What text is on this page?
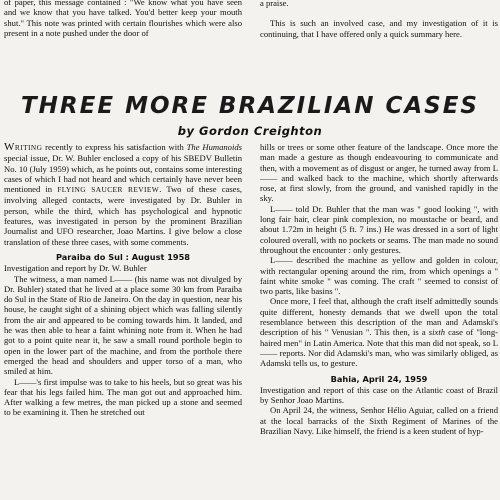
of paper, this message contained : "We know what you have seen and we know that you have talked. You'd better keep your mouth shut." This note was printed with certain flourishes which were also present in a note pushed under the door of

a praise.

This is such an involved case, and my investigation of it is continuing, that I have offered only a quick summary here.

THREE MORE BRAZILIAN CASES
by Gordon Creighton

WRITING recently to express his satisfaction with The Humanoids special issue, Dr. W. Buhler enclosed a copy of his SBEDV Bulletin No. 10 (July 1959) which, as he points out, contains some interesting cases of which I had not heard and which certainly have never been mentioned in FLYING SAUCER REVIEW. Two of these cases, involving alleged contacts, were investigated by Dr. Buhler in person, while the third, which has psychological and hypnotic features, was investigated in person by the prominent Brazilian Journalist and UFO researcher, Joao Martins. I give below a close translation of these three cases, with some comments.

Paraiba do Sul : August 1958

Investigation and report by Dr. W. Buhler

The witness, a man named L—— (his name was not divulged by Dr. Buhler) stated that he lived at a place some 30 km from Paraiba do Sul in the State of Rio de Janeiro. On the day in question, near his house, he caught sight of a shining object which was falling silently from the air and appeared to be coming towards him. It landed, and he was then able to hear a faint whining note from it. When he had got to a point quite near it, he saw a small round porthole begin to open in the lower part of the machine, and from the porthole there emerged the head and shoulders and upper torso of a man, who smiled at him.

L——'s first impulse was to take to his heels, but so great was his fear that his legs failed him. The man got out and approached him. After walking a few metres, the man picked up a stone and seemed to be examining it. Then he stretched out

hills or trees or some other feature of the landscape. Once more the man made a gesture as though endeavouring to communicate and then, with a movement as of disgust or anger, he turned away from L—— and walked back to the machine, which shortly afterwards rose, at first slowly, from the ground, and vanished rapidly in the sky.

L—— told Dr. Buhler that the man was " good looking ", with long fair hair, clear pink complexion, no moustache or beard, and about 1.72m in height (5 ft. 7 ins.) He was dressed in a sort of light coloured overall, with no pockets or seams. The man made no sound throughout the encounter : only gestures.

L—— described the machine as yellow and golden in colour, with rectangular opening around the rim, from which openings a " faint white smoke " was coming. The craft " seemed to consist of two parts, like basins ".

Once more, I feel that, although the craft itself admittedly sounds quite different, honesty demands that we dwell upon the total resemblance between this description of the man and Adamski's description of his " Venusian ". This then, is a sixth case of "long-haired men" in Latin America. Note that this man did not speak, so L—— reports. Nor did Adamski's man, who was similarly obliged, as Adamski tells us, to gesture.

Bahia, April 24, 1959

Investigation and report of this case on the Atlantic coast of Brazil by Senhor Joao Martins.

On April 24, the witness, Senhor Hélio Aguiar, called on a friend at the local barracks of the Sixth Regiment of Marines of the Brazilian Navy. Like himself, the friend is a keen student of hyp-
